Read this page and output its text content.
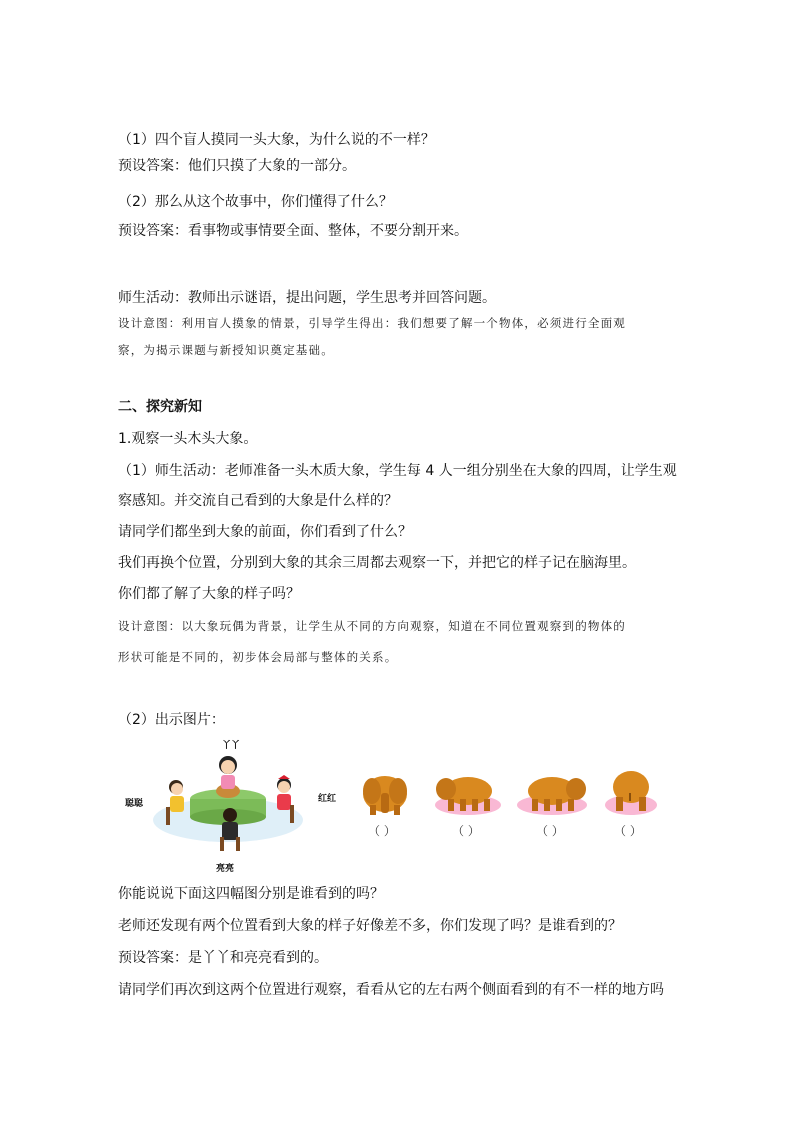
（1）四个盲人摸同一头大象，为什么说的不一样？
预设答案：他们只摸了大象的一部分。
（2）那么从这个故事中，你们懂得了什么？
预设答案：看事物或事情要全面、整体，不要分割开来。
师生活动：教师出示谜语，提出问题，学生思考并回答问题。
设计意图：利用盲人摸象的情景，引导学生得出：我们想要了解一个物体，必须进行全面观
察，为揭示课题与新授知识奠定基础。
二、探究新知
1.观察一头木头大象。
（1）师生活动：老师准备一头木质大象，学生每 4 人一组分别坐在大象的四周，让学生观
察感知。并交流自己看到的大象是什么样的？
请同学们都坐到大象的前面，你们看到了什么？
我们再换个位置，分别到大象的其余三周都去观察一下，并把它的样子记在脑海里。
你们都了解了大象的样子吗？
设计意图：以大象玩偶为背景，让学生从不同的方向观察，知道在不同位置观察到的物体的
形状可能是不同的，初步体会局部与整体的关系。
（2）出示图片：
丫丫
聪聪	红红
亮亮
（ ）	（ ）	（ ）	（ ）
你能说说下面这四幅图分别是谁看到的吗？
老师还发现有两个位置看到大象的样子好像差不多，你们发现了吗？是谁看到的？
预设答案：是丫丫和亮亮看到的。
请同学们再次到这两个位置进行观察，看看从它的左右两个侧面看到的有不一样的地方吗
